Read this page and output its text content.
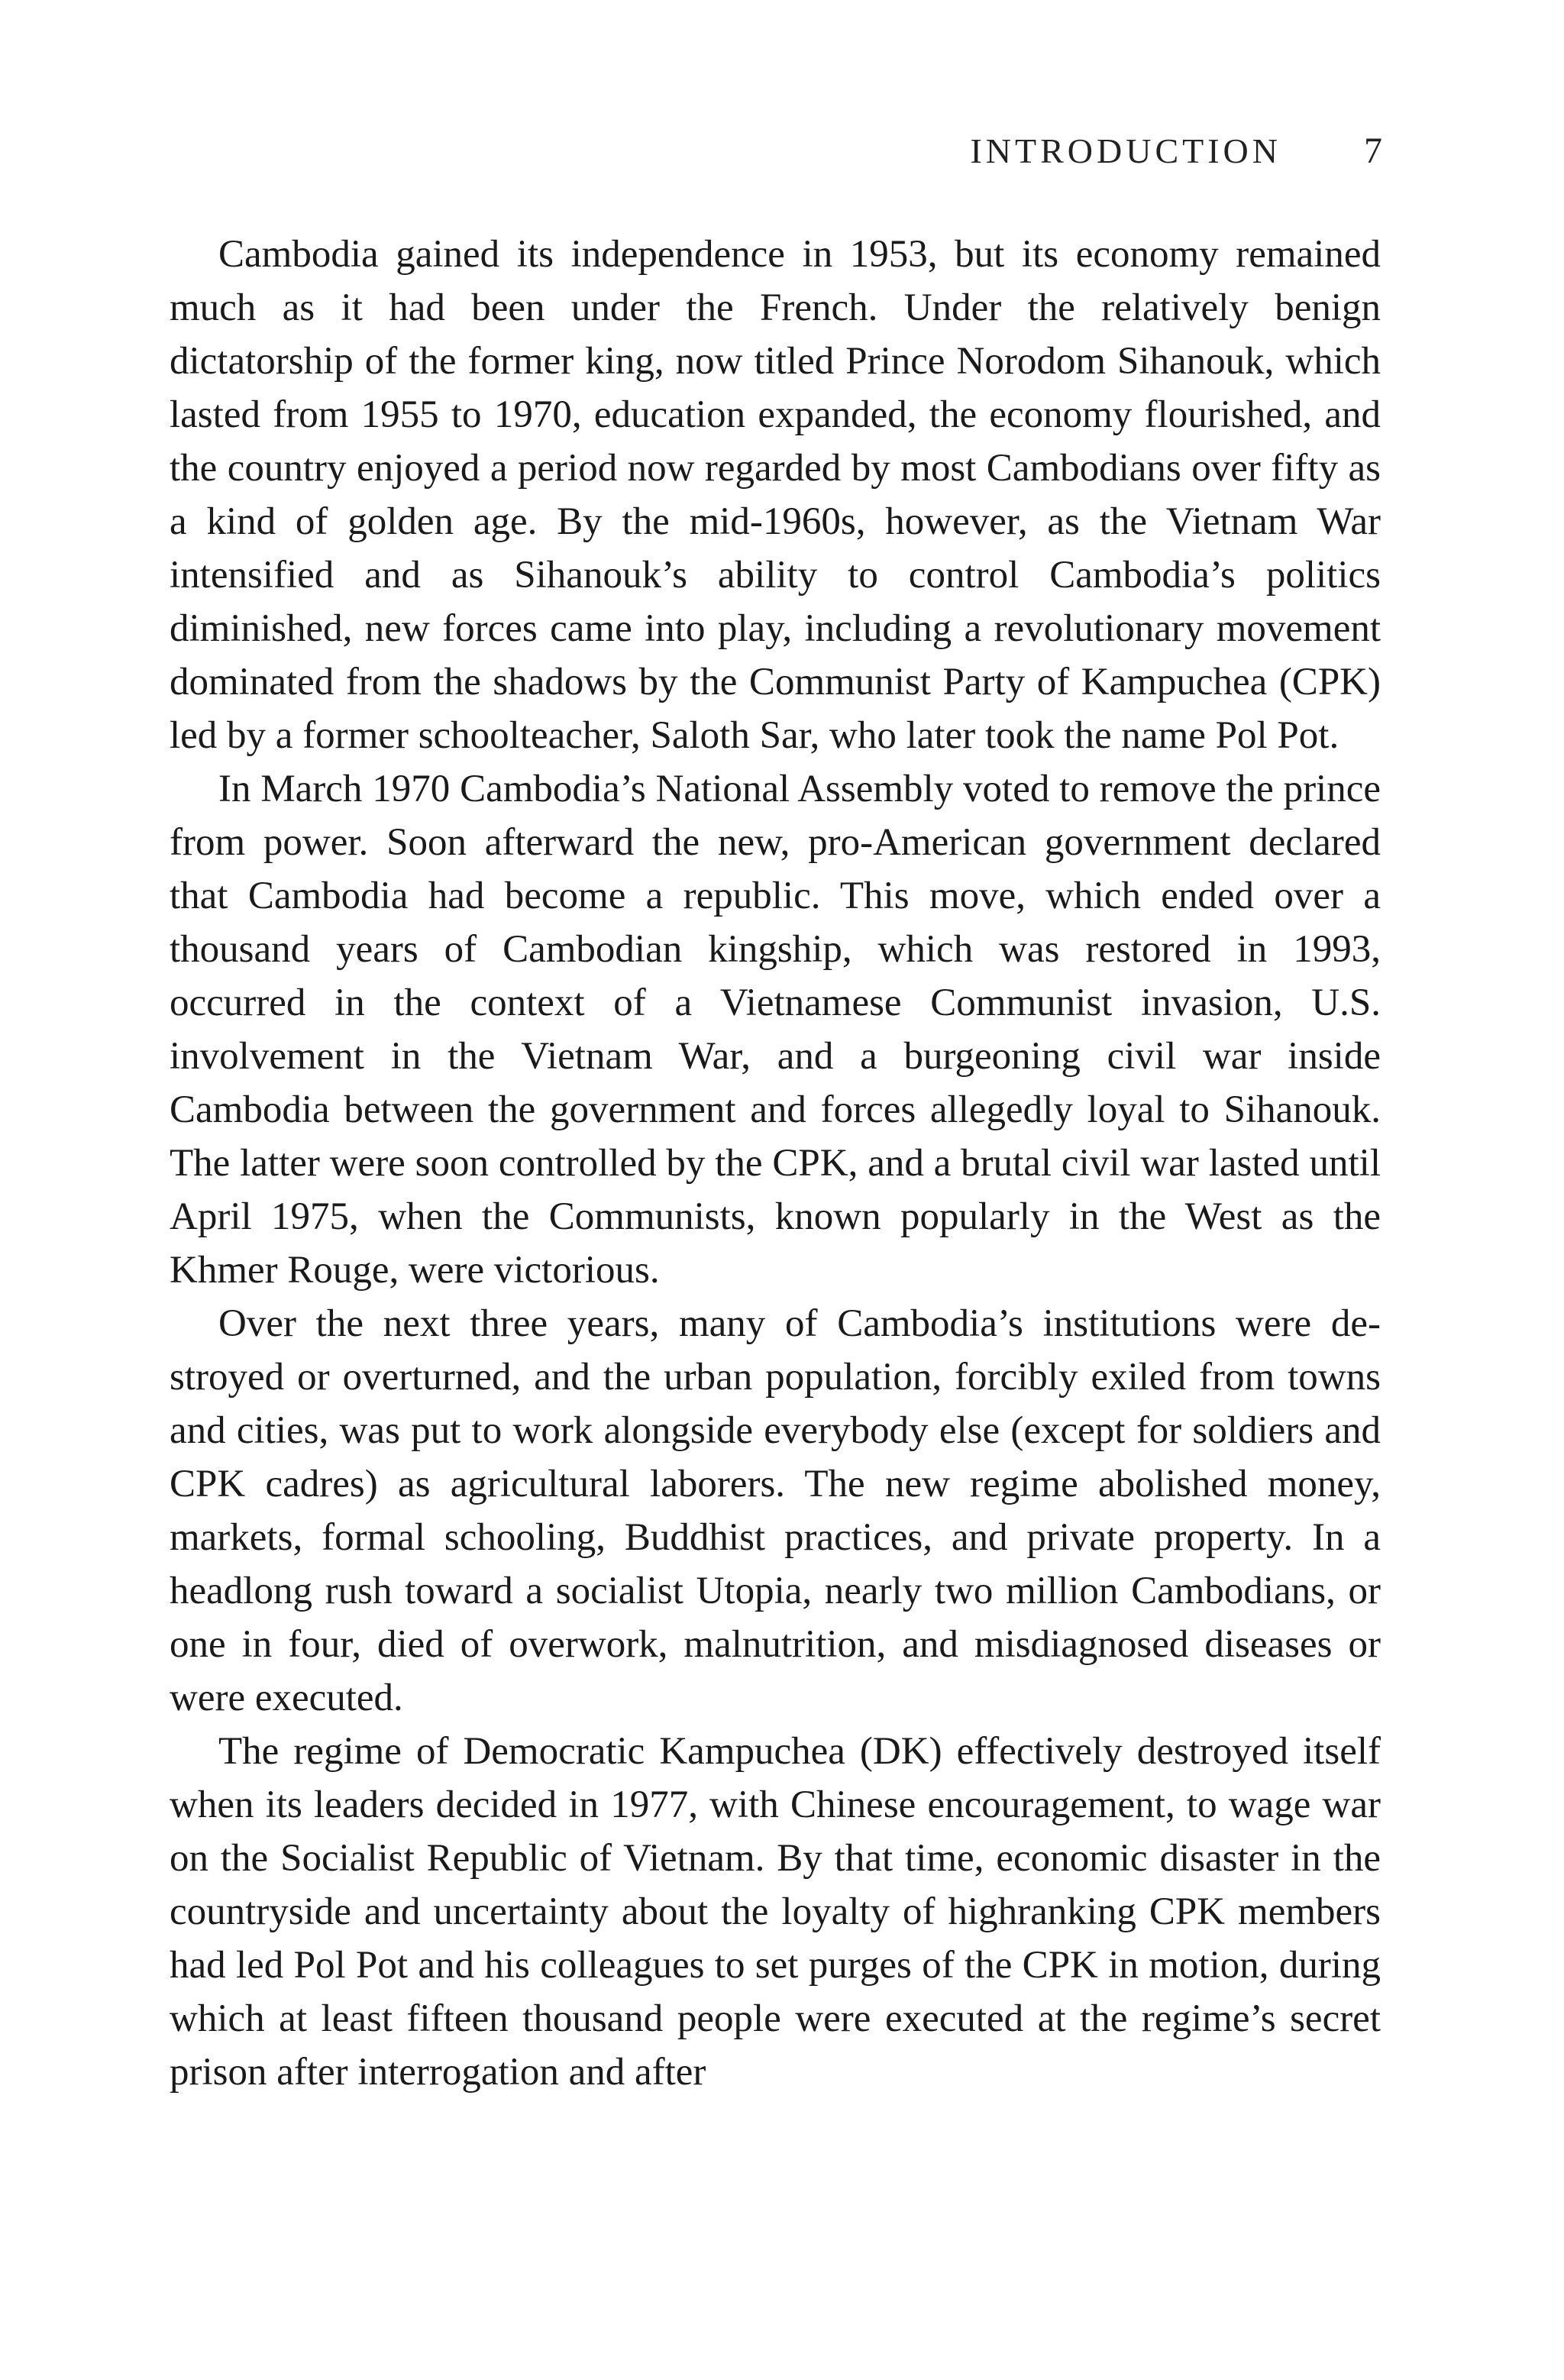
INTRODUCTION 7

Cambodia gained its independence in 1953, but its economy remained much as it had been under the French. Under the relatively benign dictatorship of the former king, now titled Prince Norodom Sihanouk, which lasted from 1955 to 1970, education expanded, the economy flourished, and the country enjoyed a period now regarded by most Cambodians over fifty as a kind of golden age. By the mid-1960s, however, as the Vietnam War intensified and as Sihanouk’s ability to control Cambodia’s politics diminished, new forces came into play, including a revolutionary movement dominated from the shadows by the Communist Party of Kampuchea (CPK) led by a former schoolteacher, Saloth Sar, who later took the name Pol Pot.

In March 1970 Cambodia’s National Assembly voted to remove the prince from power. Soon afterward the new, pro-American government declared that Cambodia had become a republic. This move, which ended over a thousand years of Cambodian kingship, which was restored in 1993, occurred in the context of a Vietnamese Communist invasion, U.S. involvement in the Vietnam War, and a burgeoning civil war inside Cambodia between the government and forces allegedly loyal to Sihanouk. The latter were soon controlled by the CPK, and a brutal civil war lasted until April 1975, when the Communists, known popularly in the West as the Khmer Rouge, were victorious.

Over the next three years, many of Cambodia’s institutions were destroyed or overturned, and the urban population, forcibly exiled from towns and cities, was put to work alongside everybody else (except for soldiers and CPK cadres) as agricultural laborers. The new regime abolished money, markets, formal schooling, Buddhist practices, and private property. In a headlong rush toward a socialist Utopia, nearly two million Cambodians, or one in four, died of overwork, malnutrition, and misdiagnosed diseases or were executed.

The regime of Democratic Kampuchea (DK) effectively destroyed itself when its leaders decided in 1977, with Chinese encouragement, to wage war on the Socialist Republic of Vietnam. By that time, economic disaster in the countryside and uncertainty about the loyalty of highranking CPK members had led Pol Pot and his colleagues to set purges of the CPK in motion, during which at least fifteen thousand people were executed at the regime’s secret prison after interrogation and after
